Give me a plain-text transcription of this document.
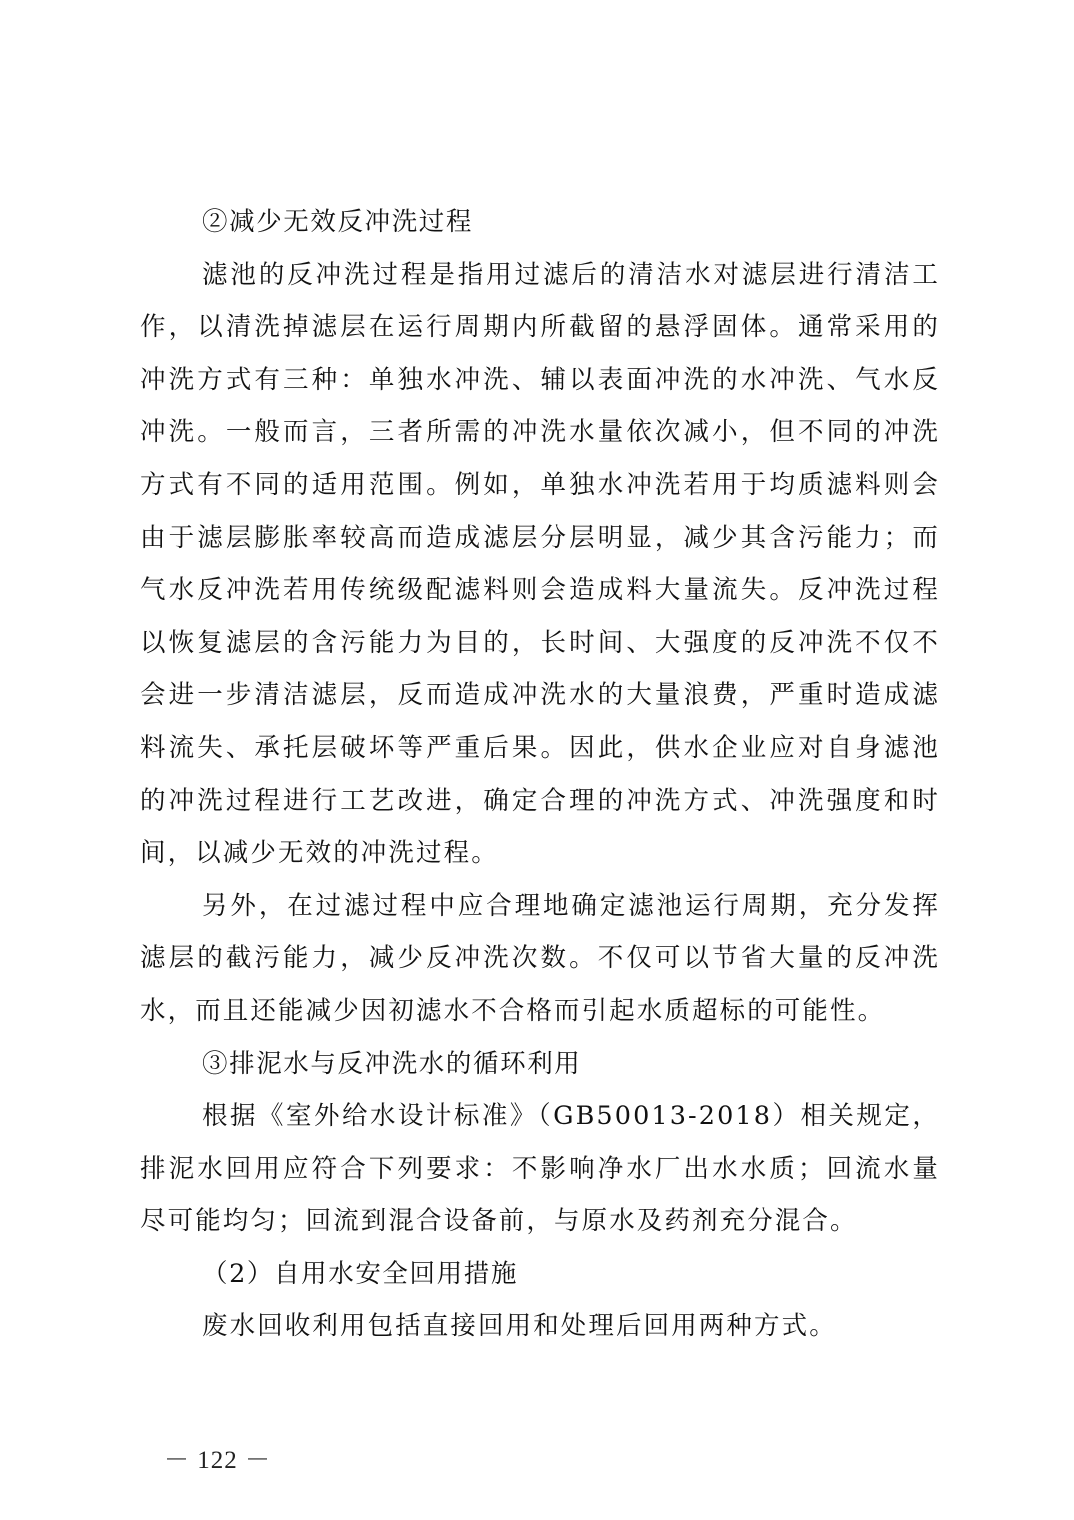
②减少无效反冲洗过程

滤池的反冲洗过程是指用过滤后的清洁水对滤层进行清洁工作，以清洗掉滤层在运行周期内所截留的悬浮固体。通常采用的冲洗方式有三种：单独水冲洗、辅以表面冲洗的水冲洗、气水反冲洗。一般而言，三者所需的冲洗水量依次减小，但不同的冲洗方式有不同的适用范围。例如，单独水冲洗若用于均质滤料则会由于滤层膨胀率较高而造成滤层分层明显，减少其含污能力；而气水反冲洗若用传统级配滤料则会造成料大量流失。反冲洗过程以恢复滤层的含污能力为目的，长时间、大强度的反冲洗不仅不会进一步清洁滤层，反而造成冲洗水的大量浪费，严重时造成滤料流失、承托层破坏等严重后果。因此，供水企业应对自身滤池的冲洗过程进行工艺改进，确定合理的冲洗方式、冲洗强度和时间，以减少无效的冲洗过程。

另外，在过滤过程中应合理地确定滤池运行周期，充分发挥滤层的截污能力，减少反冲洗次数。不仅可以节省大量的反冲洗水，而且还能减少因初滤水不合格而引起水质超标的可能性。

③排泥水与反冲洗水的循环利用

根据《室外给水设计标准》（GB50013-2018）相关规定，排泥水回用应符合下列要求：不影响净水厂出水水质；回流水量尽可能均匀；回流到混合设备前，与原水及药剂充分混合。

（2）自用水安全回用措施

废水回收利用包括直接回用和处理后回用两种方式。

－ 122 －
